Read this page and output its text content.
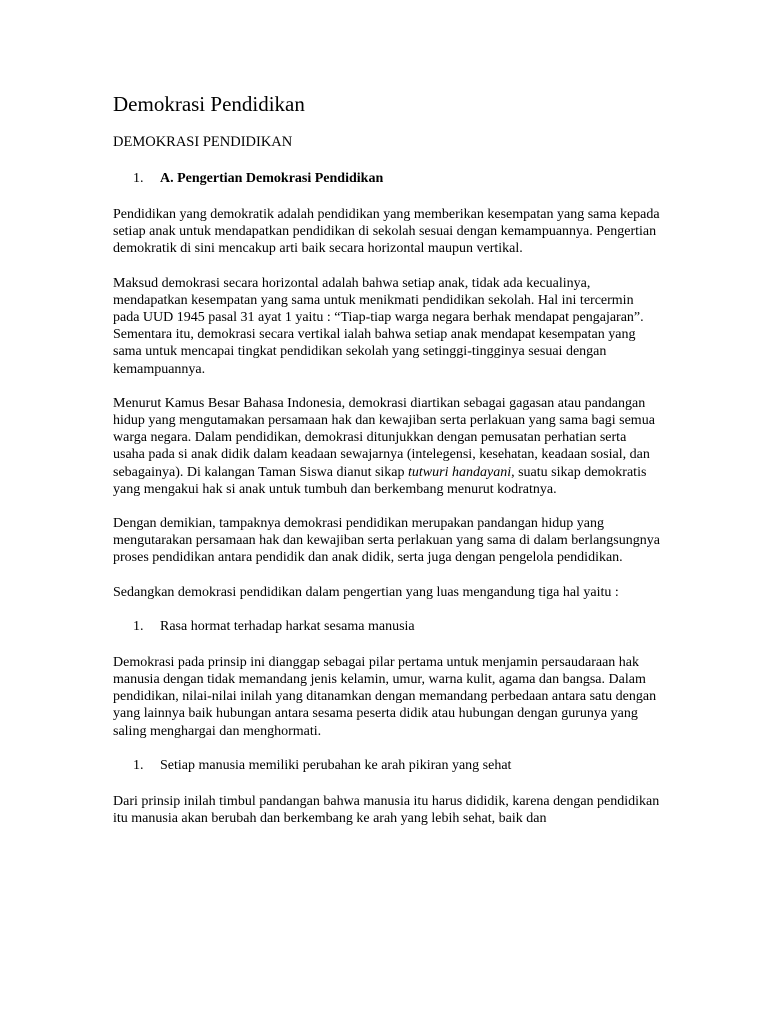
Demokrasi Pendidikan
DEMOKRASI PENDIDIKAN
1.	A. Pengertian Demokrasi Pendidikan

Pendidikan yang demokratik adalah pendidikan yang memberikan kesempatan yang sama kepada setiap anak untuk mendapatkan pendidikan di sekolah sesuai dengan kemampuannya. Pengertian demokratik di sini mencakup arti baik secara horizontal maupun vertikal.

Maksud demokrasi secara horizontal adalah bahwa setiap anak, tidak ada kecualinya, mendapatkan kesempatan yang sama untuk menikmati pendidikan sekolah. Hal ini tercermin pada UUD 1945 pasal 31 ayat 1 yaitu : “Tiap-tiap warga negara berhak mendapat pengajaran”. Sementara itu, demokrasi secara vertikal ialah bahwa setiap anak mendapat kesempatan yang sama untuk mencapai tingkat pendidikan sekolah yang setinggi-tingginya sesuai dengan kemampuannya.

Menurut Kamus Besar Bahasa Indonesia, demokrasi diartikan sebagai gagasan atau pandangan hidup yang mengutamakan persamaan hak dan kewajiban serta perlakuan yang sama bagi semua warga negara. Dalam pendidikan, demokrasi ditunjukkan dengan pemusatan perhatian serta usaha pada si anak didik dalam keadaan sewajarnya (intelegensi, kesehatan, keadaan sosial, dan sebagainya). Di kalangan Taman Siswa dianut sikap tutwuri handayani, suatu sikap demokratis yang mengakui hak si anak untuk tumbuh dan berkembang menurut kodratnya.

Dengan demikian, tampaknya demokrasi pendidikan merupakan pandangan hidup yang mengutarakan persamaan hak dan kewajiban serta perlakuan yang sama di dalam berlangsungnya proses pendidikan antara pendidik dan anak didik, serta juga dengan pengelola pendidikan.

Sedangkan demokrasi pendidikan dalam pengertian yang luas mengandung tiga hal yaitu :

1.	Rasa hormat terhadap harkat sesama manusia

Demokrasi pada prinsip ini dianggap sebagai pilar pertama untuk menjamin persaudaraan hak manusia dengan tidak memandang jenis kelamin, umur, warna kulit, agama dan bangsa. Dalam pendidikan, nilai-nilai inilah yang ditanamkan dengan memandang perbedaan antara satu dengan yang lainnya baik hubungan antara sesama peserta didik atau hubungan dengan gurunya yang saling menghargai dan menghormati.

1.	Setiap manusia memiliki perubahan ke arah pikiran yang sehat

Dari prinsip inilah timbul pandangan bahwa manusia itu harus dididik, karena dengan pendidikan itu manusia akan berubah dan berkembang ke arah yang lebih sehat, baik dan
